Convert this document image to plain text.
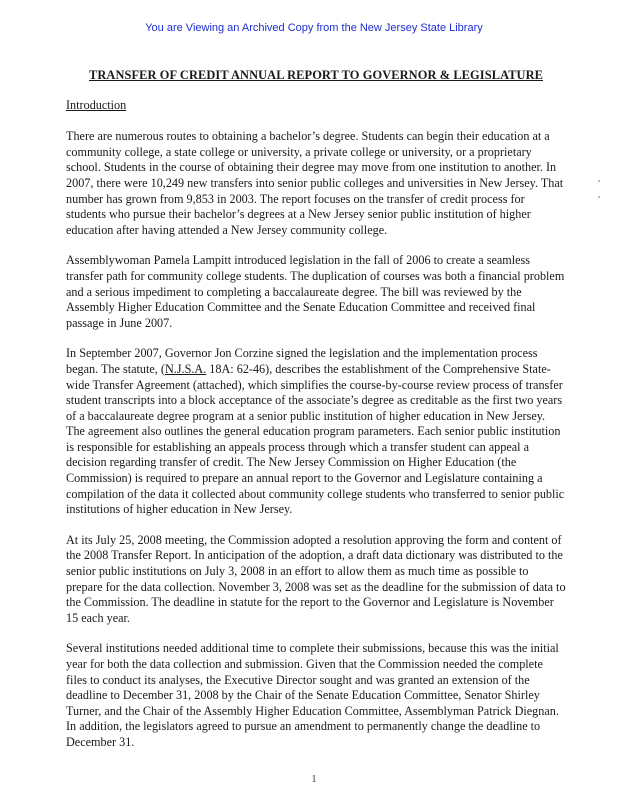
You are Viewing an Archived Copy from the New Jersey State Library
TRANSFER OF CREDIT ANNUAL REPORT TO GOVERNOR & LEGISLATURE
Introduction

There are numerous routes to obtaining a bachelor’s degree. Students can begin their education at a community college, a state college or university, a private college or university, or a proprietary school. Students in the course of obtaining their degree may move from one institution to another. In 2007, there were 10,249 new transfers into senior public colleges and universities in New Jersey. That number has grown from 9,853 in 2003. The report focuses on the transfer of credit process for students who pursue their bachelor’s degrees at a New Jersey senior public institution of higher education after having attended a New Jersey community college.

Assemblywoman Pamela Lampitt introduced legislation in the fall of 2006 to create a seamless transfer path for community college students. The duplication of courses was both a financial problem and a serious impediment to completing a baccalaureate degree. The bill was reviewed by the Assembly Higher Education Committee and the Senate Education Committee and received final passage in June 2007.

In September 2007, Governor Jon Corzine signed the legislation and the implementation process began. The statute, (N.J.S.A. 18A: 62-46), describes the establishment of the Comprehensive State-wide Transfer Agreement (attached), which simplifies the course-by-course review process of transfer student transcripts into a block acceptance of the associate’s degree as creditable as the first two years of a baccalaureate degree program at a senior public institution of higher education in New Jersey. The agreement also outlines the general education program parameters. Each senior public institution is responsible for establishing an appeals process through which a transfer student can appeal a decision regarding transfer of credit. The New Jersey Commission on Higher Education (the Commission) is required to prepare an annual report to the Governor and Legislature containing a compilation of the data it collected about community college students who transferred to senior public institutions of higher education in New Jersey.

At its July 25, 2008 meeting, the Commission adopted a resolution approving the form and content of the 2008 Transfer Report. In anticipation of the adoption, a draft data dictionary was distributed to the senior public institutions on July 3, 2008 in an effort to allow them as much time as possible to prepare for the data collection. November 3, 2008 was set as the deadline for the submission of data to the Commission. The deadline in statute for the report to the Governor and Legislature is November 15 each year.

Several institutions needed additional time to complete their submissions, because this was the initial year for both the data collection and submission. Given that the Commission needed the complete files to conduct its analyses, the Executive Director sought and was granted an extension of the deadline to December 31, 2008 by the Chair of the Senate Education Committee, Senator Shirley Turner, and the Chair of the Assembly Higher Education Committee, Assemblyman Patrick Diegnan. In addition, the legislators agreed to pursue an amendment to permanently change the deadline to December 31.

1
